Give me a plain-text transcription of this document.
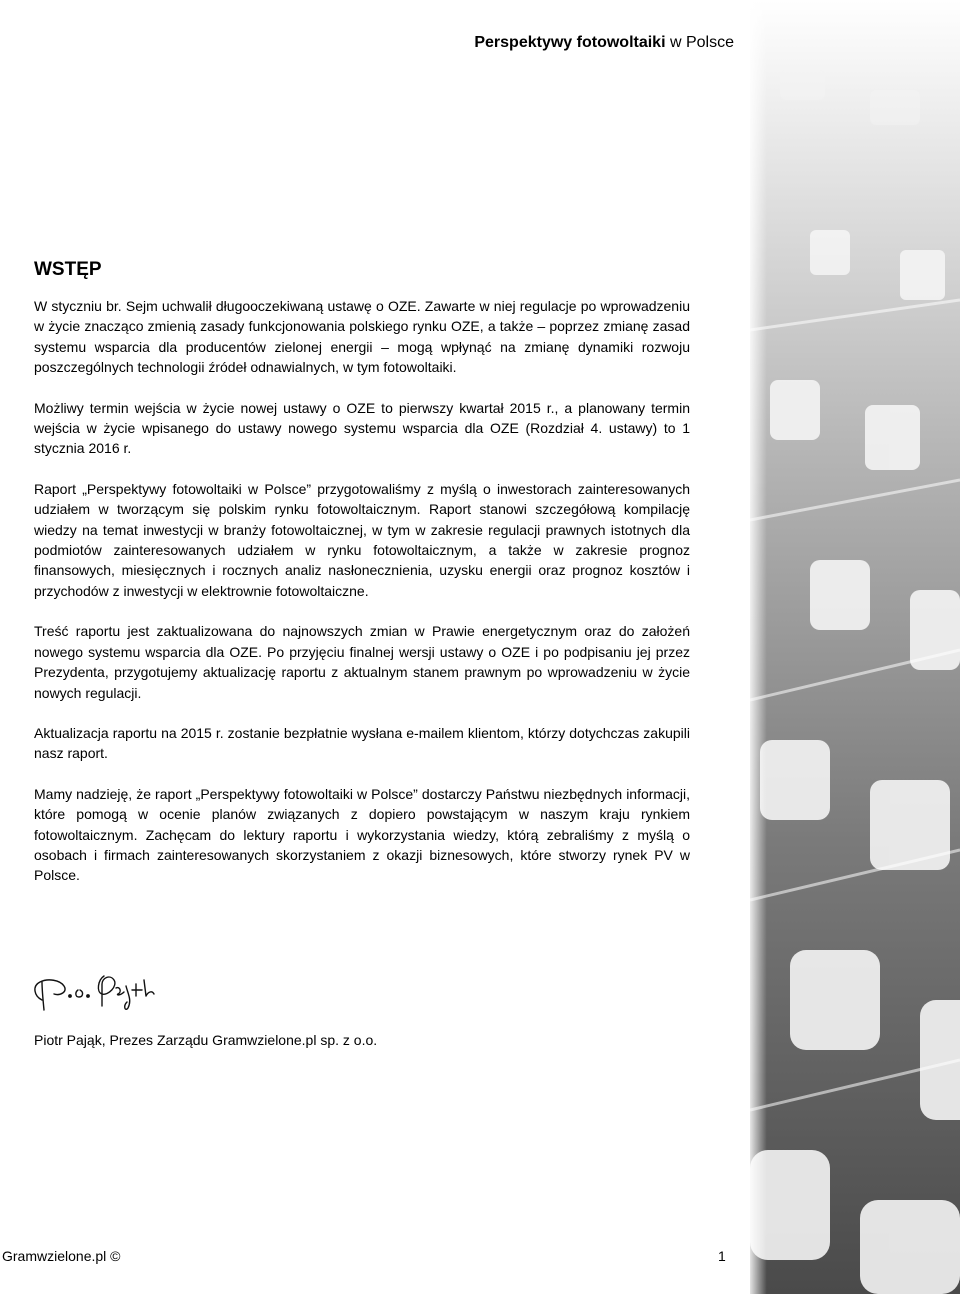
Perspektywy fotowoltaiki w Polsce
WSTĘP

W styczniu br. Sejm uchwalił długooczekiwaną ustawę o OZE. Zawarte w niej regulacje po wprowadzeniu w życie znacząco zmienią zasady funkcjonowania polskiego rynku OZE, a także – poprzez zmianę zasad systemu wsparcia dla producentów zielonej energii – mogą wpłynąć na zmianę dynamiki rozwoju poszczególnych technologii źródeł odnawialnych, w tym fotowoltaiki.

Możliwy termin wejścia w życie nowej ustawy o OZE to pierwszy kwartał 2015 r., a planowany termin wejścia w życie wpisanego do ustawy nowego systemu wsparcia dla OZE (Rozdział 4. ustawy) to 1 stycznia 2016 r.

Raport „Perspektywy fotowoltaiki w Polsce” przygotowaliśmy z myślą o inwestorach zainteresowanych udziałem w tworzącym się polskim rynku fotowoltaicznym. Raport stanowi szczegółową kompilację wiedzy na temat inwestycji w branży fotowoltaicznej, w tym w zakresie regulacji prawnych istotnych dla podmiotów zainteresowanych udziałem w rynku fotowoltaicznym, a także w zakresie prognoz finansowych, miesięcznych i rocznych analiz nasłonecznienia, uzysku energii oraz prognoz kosztów i przychodów z inwestycji w elektrownie fotowoltaiczne.

Treść raportu jest zaktualizowana do najnowszych zmian w Prawie energetycznym oraz do założeń nowego systemu wsparcia dla OZE. Po przyjęciu finalnej wersji ustawy o OZE i po podpisaniu jej przez Prezydenta, przygotujemy aktualizację raportu z aktualnym stanem prawnym po wprowadzeniu w życie nowych regulacji.

Aktualizacja raportu na 2015 r. zostanie bezpłatnie wysłana e-mailem klientom, którzy dotychczas zakupili nasz raport.

Mamy nadzieję, że raport „Perspektywy fotowoltaiki w Polsce” dostarczy Państwu niezbędnych informacji, które pomogą w ocenie planów związanych z dopiero powstającym w naszym kraju rynkiem fotowoltaicznym. Zachęcam do lektury raportu i wykorzystania wiedzy, którą zebraliśmy z myślą o osobach i firmach zainteresowanych skorzystaniem z okazji biznesowych, które stworzy rynek PV w Polsce.

Piotr Pająk, Prezes Zarządu Gramwzielone.pl sp. z o.o.
Gramwzielone.pl ©	1
